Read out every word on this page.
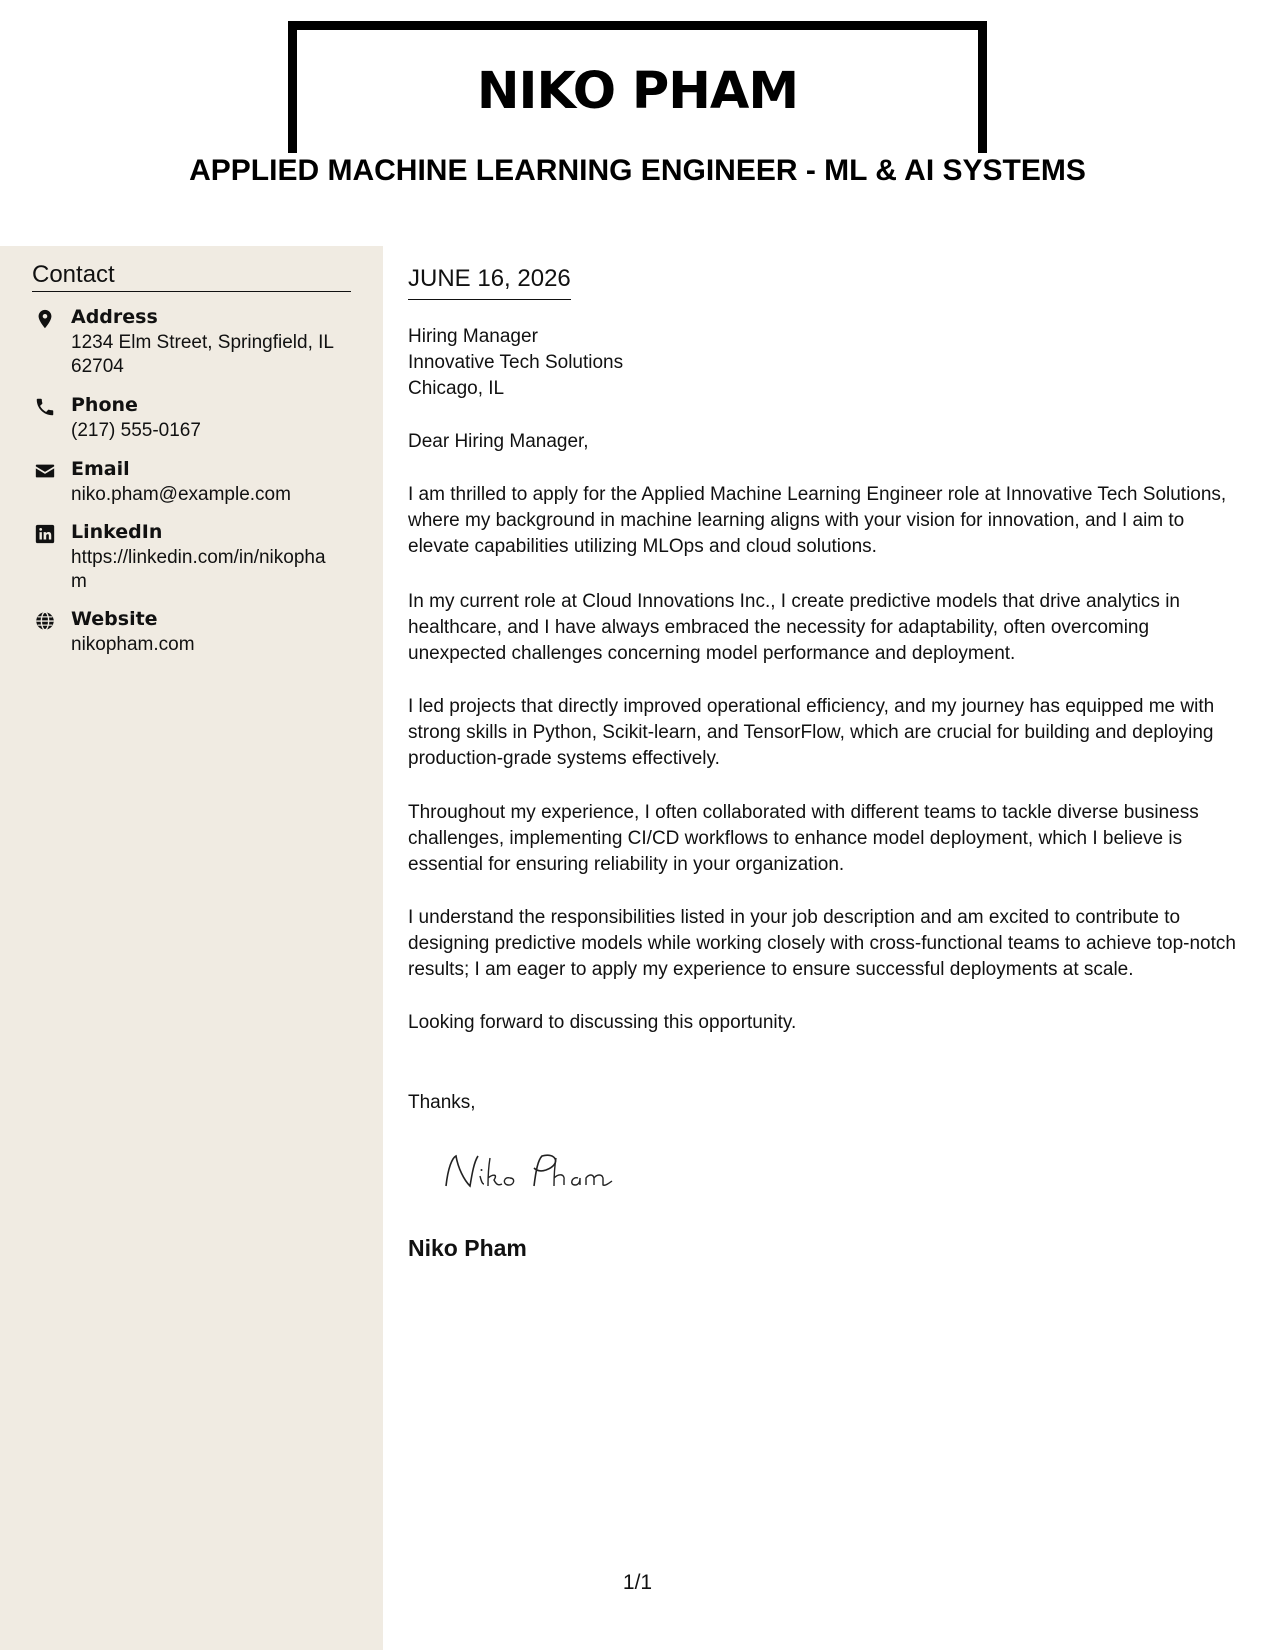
NIKO PHAM
APPLIED MACHINE LEARNING ENGINEER - ML & AI SYSTEMS
Contact
Address
1234 Elm Street, Springfield, IL 62704
Phone
(217) 555-0167
Email
niko.pham@example.com
LinkedIn
https://linkedin.com/in/nikopham
Website
nikopham.com
JUNE 16, 2026
Hiring Manager
Innovative Tech Solutions
Chicago, IL

Dear Hiring Manager,

I am thrilled to apply for the Applied Machine Learning Engineer role at Innovative Tech Solutions, where my background in machine learning aligns with your vision for innovation, and I aim to elevate capabilities utilizing MLOps and cloud solutions.

In my current role at Cloud Innovations Inc., I create predictive models that drive analytics in healthcare, and I have always embraced the necessity for adaptability, often overcoming unexpected challenges concerning model performance and deployment.

I led projects that directly improved operational efficiency, and my journey has equipped me with strong skills in Python, Scikit-learn, and TensorFlow, which are crucial for building and deploying production-grade systems effectively.

Throughout my experience, I often collaborated with different teams to tackle diverse business challenges, implementing CI/CD workflows to enhance model deployment, which I believe is essential for ensuring reliability in your organization.

I understand the responsibilities listed in your job description and am excited to contribute to designing predictive models while working closely with cross-functional teams to achieve top-notch results; I am eager to apply my experience to ensure successful deployments at scale.

Looking forward to discussing this opportunity.

Thanks,

Niko Pham
1/1
